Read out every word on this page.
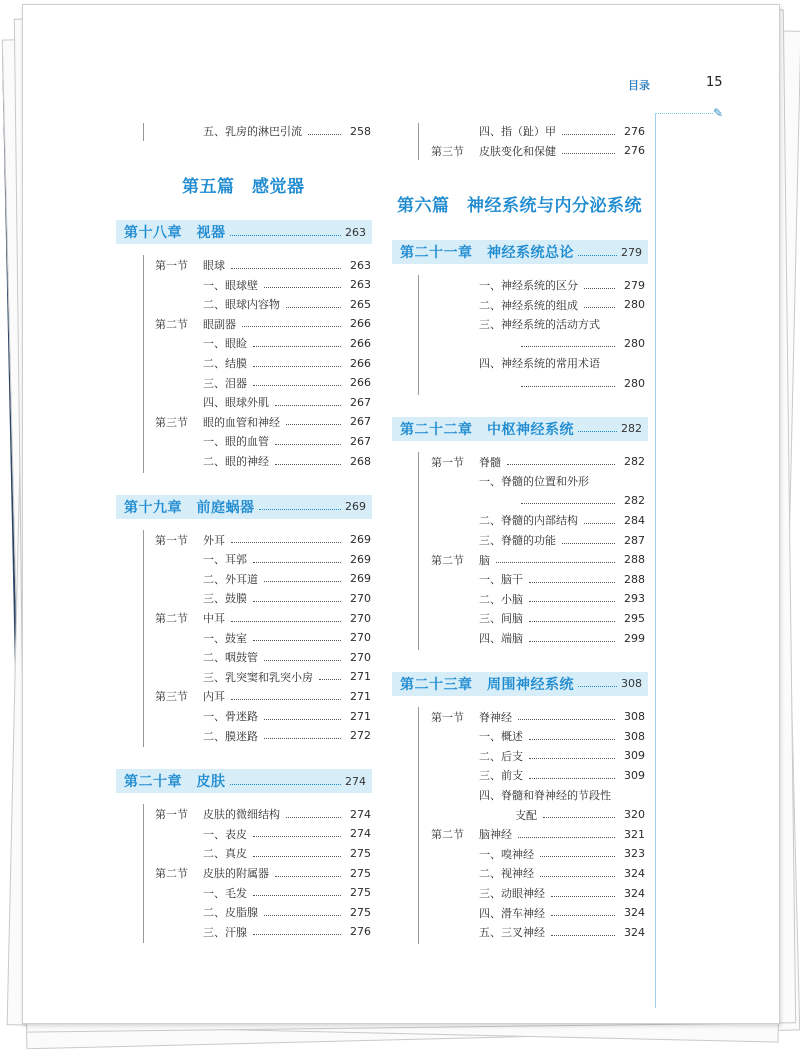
目录	15
✎
五、乳房的淋巴引流	258
第五篇　感觉器
第十八章　视器	263
第一节	眼球	263
一、眼球壁	263
二、眼球内容物	265
第二节	眼副器	266
一、眼睑	266
二、结膜	266
三、泪器	266
四、眼球外肌	267
第三节	眼的血管和神经	267
一、眼的血管	267
二、眼的神经	268
第十九章　前庭蜗器	269
第一节	外耳	269
一、耳郭	269
二、外耳道	269
三、鼓膜	270
第二节	中耳	270
一、鼓室	270
二、咽鼓管	270
三、乳突窦和乳突小房	271
第三节	内耳	271
一、骨迷路	271
二、膜迷路	272
第二十章　皮肤	274
第一节	皮肤的微细结构	274
一、表皮	274
二、真皮	275
第二节	皮肤的附属器	275
一、毛发	275
二、皮脂腺	275
三、汗腺	276
四、指（趾）甲	276
第三节	皮肤变化和保健	276
第六篇　神经系统与内分泌系统
第二十一章　神经系统总论	279
一、神经系统的区分	279
二、神经系统的组成	280
三、神经系统的活动方式
280
四、神经系统的常用术语
280
第二十二章　中枢神经系统	282
第一节	脊髓	282
一、脊髓的位置和外形
282
二、脊髓的内部结构	284
三、脊髓的功能	287
第二节	脑	288
一、脑干	288
二、小脑	293
三、间脑	295
四、端脑	299
第二十三章　周围神经系统	308
第一节	脊神经	308
一、概述	308
二、后支	309
三、前支	309
四、脊髓和脊神经的节段性
支配	320
第二节	脑神经	321
一、嗅神经	323
二、视神经	324
三、动眼神经	324
四、滑车神经	324
五、三叉神经	324
